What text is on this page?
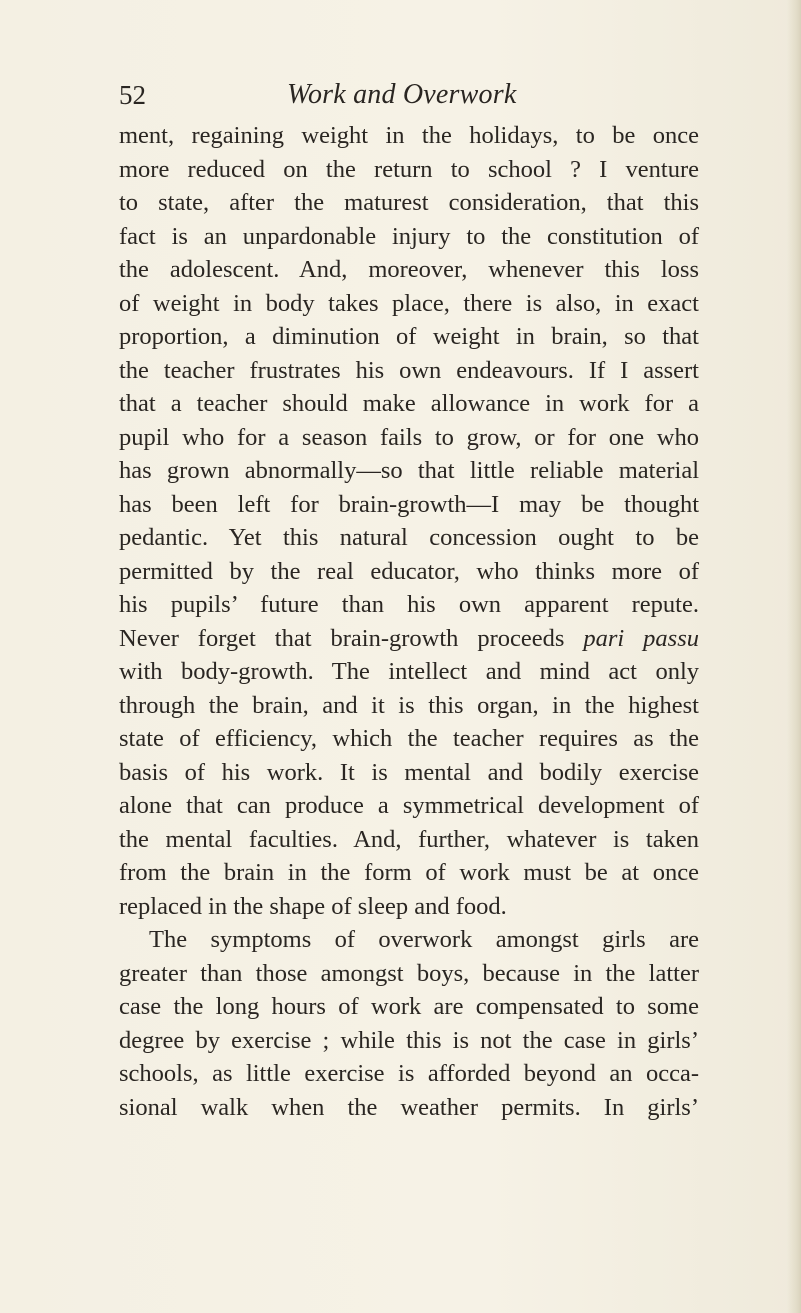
52	Work and Overwork
ment, regaining weight in the holidays, to be once
more reduced on the return to school ? I venture
to state, after the maturest consideration, that this
fact is an unpardonable injury to the constitution of
the adolescent. And, moreover, whenever this loss
of weight in body takes place, there is also, in exact
proportion, a diminution of weight in brain, so that
the teacher frustrates his own endeavours. If I assert
that a teacher should make allowance in work for a
pupil who for a season fails to grow, or for one who
has grown abnormally—so that little reliable material
has been left for brain-growth—I may be thought
pedantic. Yet this natural concession ought to be
permitted by the real educator, who thinks more of
his pupils’ future than his own apparent repute.
Never forget that brain-growth proceeds pari passu
with body-growth. The intellect and mind act only
through the brain, and it is this organ, in the highest
state of efficiency, which the teacher requires as the
basis of his work. It is mental and bodily exercise
alone that can produce a symmetrical development of
the mental faculties. And, further, whatever is taken
from the brain in the form of work must be at once
replaced in the shape of sleep and food.
The symptoms of overwork amongst girls are
greater than those amongst boys, because in the latter
case the long hours of work are compensated to some
degree by exercise ; while this is not the case in girls’
schools, as little exercise is afforded beyond an occa-
sional walk when the weather permits. In girls’
